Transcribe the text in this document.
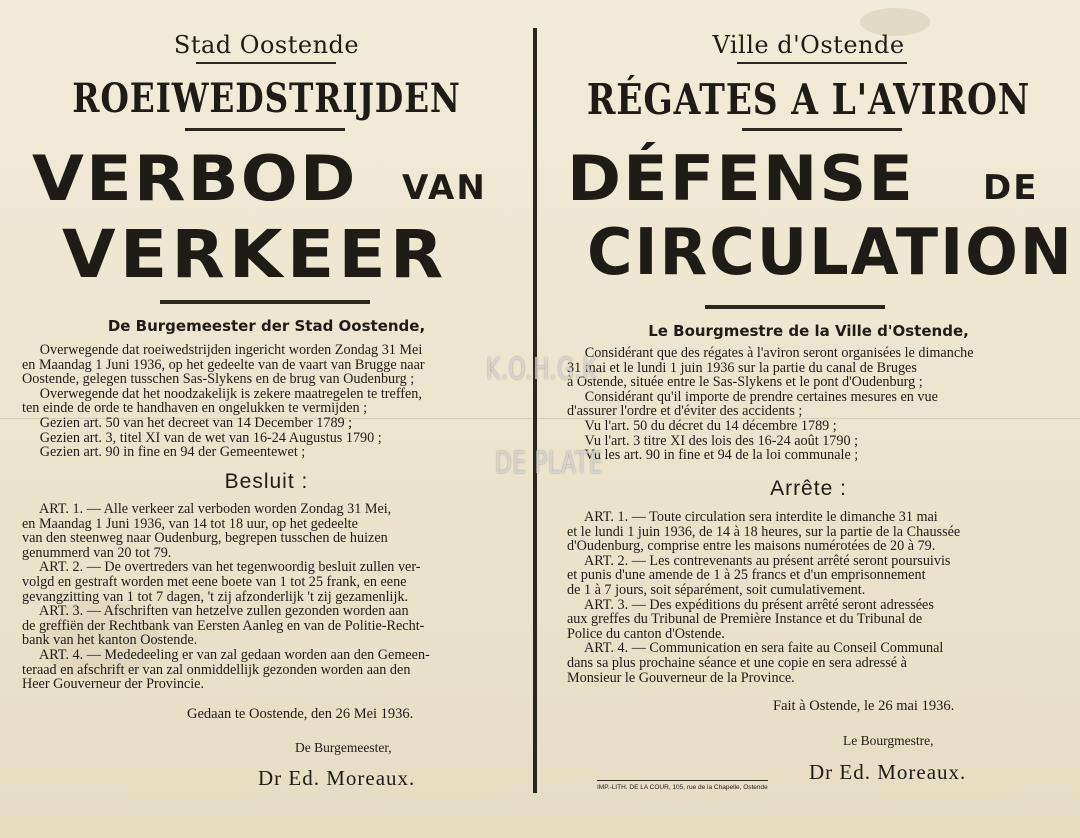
Stad Oostende
ROEIWEDSTRIJDEN
VERBOD VAN
VERKEER
De Burgemeester der Stad Oostende,
Overwegende dat roeiwedstrijden ingericht worden Zondag 31 Mei
en Maandag 1 Juni 1936, op het gedeelte van de vaart van Brugge naar
Oostende, gelegen tusschen Sas-Slykens en de brug van Oudenburg ;
Overwegende dat het noodzakelijk is zekere maatregelen te treffen,
ten einde de orde te handhaven en ongelukken te vermijden ;
Gezien art. 50 van het decreet van 14 December 1789 ;
Gezien art. 3, titel XI van de wet van 16-24 Augustus 1790 ;
Gezien art. 90 in fine en 94 der Gemeentewet ;
Besluit :
ART. 1. — Alle verkeer zal verboden worden Zondag 31 Mei,
en Maandag 1 Juni 1936, van 14 tot 18 uur, op het gedeelte
van den steenweg naar Oudenburg, begrepen tusschen de huizen
genummerd van 20 tot 79.
ART. 2. — De overtreders van het tegenwoordig besluit zullen ver-
volgd en gestraft worden met eene boete van 1 tot 25 frank, en eene
gevangzitting van 1 tot 7 dagen, 't zij afzonderlijk 't zij gezamenlijk.
ART. 3. — Afschriften van hetzelve zullen gezonden worden aan
de greffiën der Rechtbank van Eersten Aanleg en van de Politie-Recht-
bank van het kanton Oostende.
ART. 4. — Mededeeling er van zal gedaan worden aan den Gemeen-
teraad en afschrift er van zal onmiddellijk gezonden worden aan den
Heer Gouverneur der Provincie.
Gedaan te Oostende, den 26 Mei 1936.
De Burgemeester,
Dr Ed. Moreaux.
Ville d'Ostende
RÉGATES A L'AVIRON
DÉFENSE DE
CIRCULATION
Le Bourgmestre de la Ville d'Ostende,
Considérant que des régates à l'aviron seront organisées le dimanche
31 mai et le lundi 1 juin 1936 sur la partie du canal de Bruges
à Ostende, située entre le Sas-Slykens et le pont d'Oudenburg ;
Considérant qu'il importe de prendre certaines mesures en vue
d'assurer l'ordre et d'éviter des accidents ;
Vu l'art. 50 du décret du 14 décembre 1789 ;
Vu l'art. 3 titre XI des lois des 16-24 août 1790 ;
Vu les art. 90 in fine et 94 de la loi communale ;
Arrête :
ART. 1. — Toute circulation sera interdite le dimanche 31 mai
et le lundi 1 juin 1936, de 14 à 18 heures, sur la partie de la Chaussée
d'Oudenburg, comprise entre les maisons numérotées de 20 à 79.
ART. 2. — Les contrevenants au présent arrêté seront poursuivis
et punis d'une amende de 1 à 25 francs et d'un emprisonnement
de 1 à 7 jours, soit séparément, soit cumulativement.
ART. 3. — Des expéditions du présent arrêté seront adressées
aux greffes du Tribunal de Première Instance et du Tribunal de
Police du canton d'Ostende.
ART. 4. — Communication en sera faite au Conseil Communal
dans sa plus prochaine séance et une copie en sera adressé à
Monsieur le Gouverneur de la Province.
Fait à Ostende, le 26 mai 1936.
Le Bourgmestre,
Dr Ed. Moreaux.
IMP.-LITH. DE LA COUR, 105, rue de la Chapelle, Ostende
K.O.H.G.K
DE PLATE
